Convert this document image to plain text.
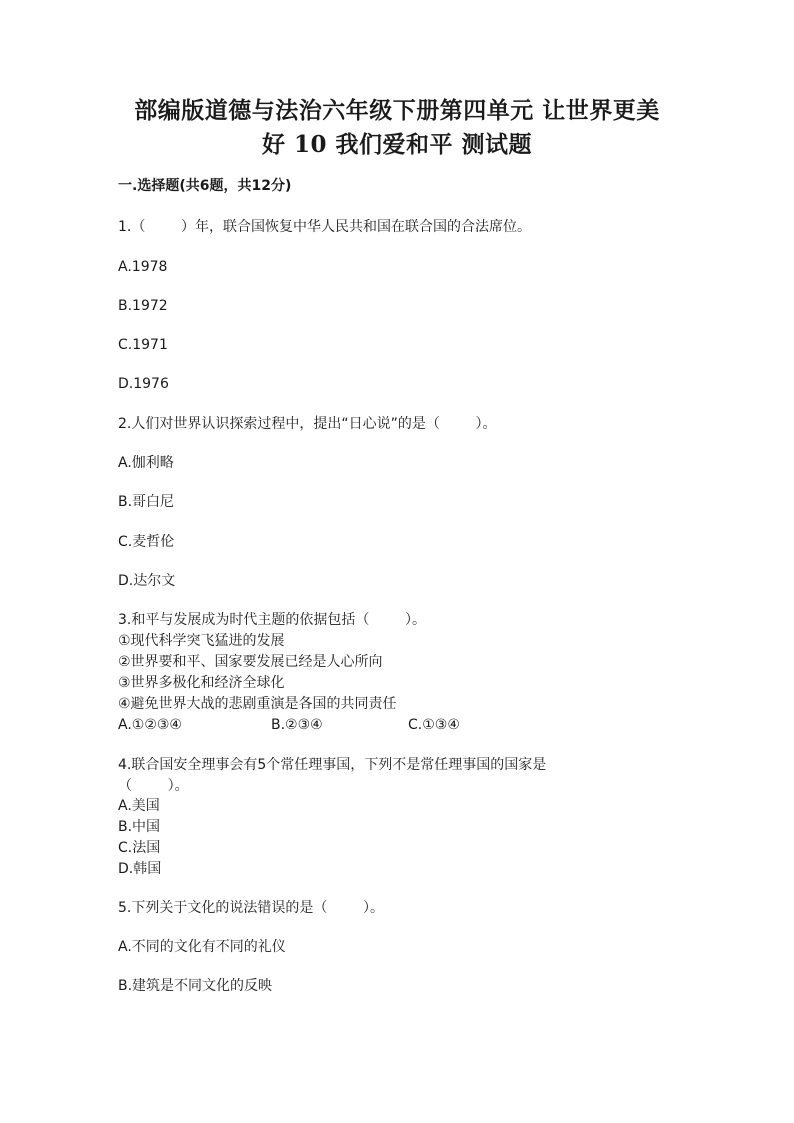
部编版道德与法治六年级下册第四单元 让世界更美
好 10 我们爱和平 测试题
一.选择题(共6题，共12分)
1.（        ）年，联合国恢复中华人民共和国在联合国的合法席位。
A.1978
B.1972
C.1971
D.1976
2.人们对世界认识探索过程中，提出“日心说”的是（        ）。
A.伽利略
B.哥白尼
C.麦哲伦
D.达尔文
3.和平与发展成为时代主题的依据包括（        ）。
①现代科学突飞猛进的发展
②世界要和平、国家要发展已经是人心所向
③世界多极化和经济全球化
④避免世界大战的悲剧重演是各国的共同责任
A.①②③④	B.②③④	C.①③④
4.联合国安全理事会有5个常任理事国，下列不是常任理事国的国家是
（        ）。
A.美国
B.中国
C.法国
D.韩国
5.下列关于文化的说法错误的是（        ）。
A.不同的文化有不同的礼仪
B.建筑是不同文化的反映
